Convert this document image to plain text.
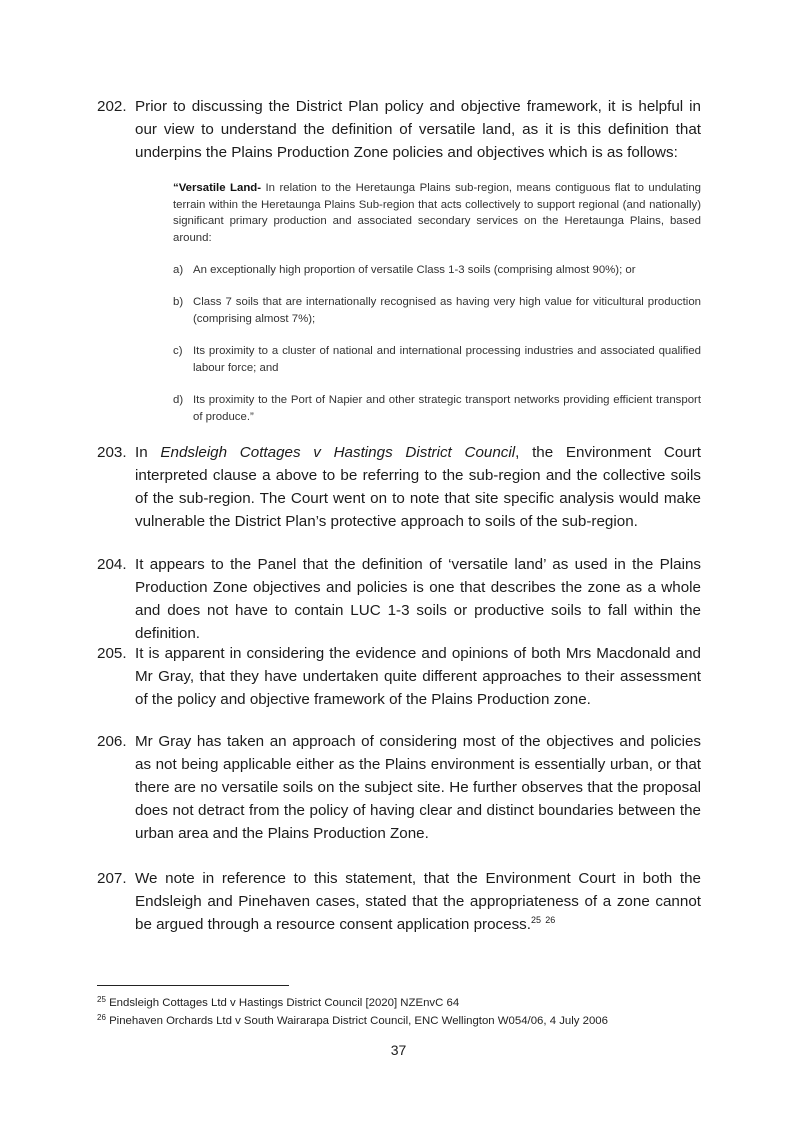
202. Prior to discussing the District Plan policy and objective framework, it is helpful in our view to understand the definition of versatile land, as it is this definition that underpins the Plains Production Zone policies and objectives which is as follows:
“Versatile Land- In relation to the Heretaunga Plains sub-region, means contiguous flat to undulating terrain within the Heretaunga Plains Sub-region that acts collectively to support regional (and nationally) significant primary production and associated secondary services on the Heretaunga Plains, based around:
a) An exceptionally high proportion of versatile Class 1-3 soils (comprising almost 90%); or
b) Class 7 soils that are internationally recognised as having very high value for viticultural production (comprising almost 7%);
c) Its proximity to a cluster of national and international processing industries and associated qualified labour force; and
d) Its proximity to the Port of Napier and other strategic transport networks providing efficient transport of produce.”
203. In Endsleigh Cottages v Hastings District Council, the Environment Court interpreted clause a above to be referring to the sub-region and the collective soils of the sub-region. The Court went on to note that site specific analysis would make vulnerable the District Plan’s protective approach to soils of the sub-region.
204. It appears to the Panel that the definition of ‘versatile land’ as used in the Plains Production Zone objectives and policies is one that describes the zone as a whole and does not have to contain LUC 1-3 soils or productive soils to fall within the definition.
205. It is apparent in considering the evidence and opinions of both Mrs Macdonald and Mr Gray, that they have undertaken quite different approaches to their assessment of the policy and objective framework of the Plains Production zone.
206. Mr Gray has taken an approach of considering most of the objectives and policies as not being applicable either as the Plains environment is essentially urban, or that there are no versatile soils on the subject site. He further observes that the proposal does not detract from the policy of having clear and distinct boundaries between the urban area and the Plains Production Zone.
207. We note in reference to this statement, that the Environment Court in both the Endsleigh and Pinehaven cases, stated that the appropriateness of a zone cannot be argued through a resource consent application process.$^{25}$ $^{26}$
$^{25}$ Endsleigh Cottages Ltd v Hastings District Council [2020] NZEnvC 64
$^{26}$ Pinehaven Orchards Ltd v South Wairarapa District Council, ENC Wellington W054/06, 4 July 2006
37
